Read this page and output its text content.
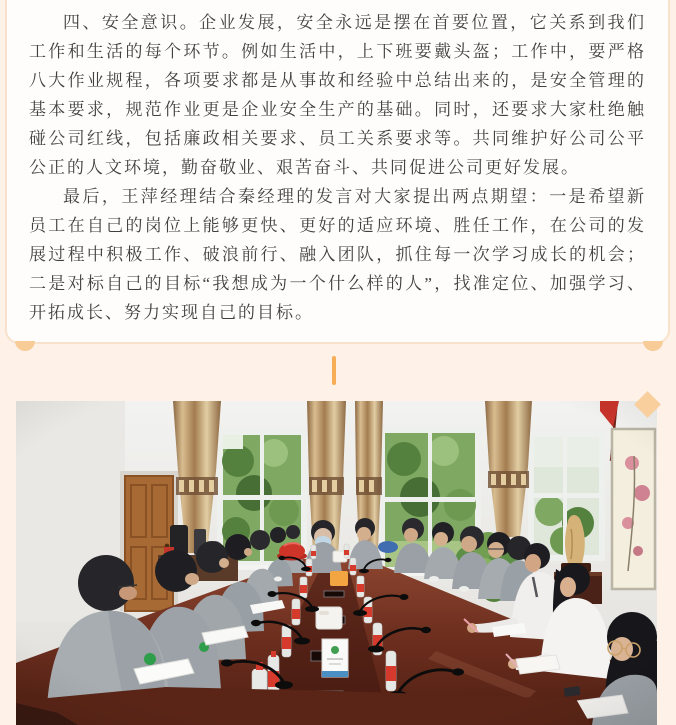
四、安全意识。企业发展，安全永远是摆在首要位置，它关系到我们工作和生活的每个环节。例如生活中，上下班要戴头盔；工作中，要严格八大作业规程，各项要求都是从事故和经验中总结出来的，是安全管理的基本要求，规范作业更是企业安全生产的基础。同时，还要求大家杜绝触碰公司红线，包括廉政相关要求、员工关系要求等。共同维护好公司公平公正的人文环境，勤奋敬业、艰苦奋斗、共同促进公司更好发展。

最后，王萍经理结合秦经理的发言对大家提出两点期望：一是希望新员工在自己的岗位上能够更快、更好的适应环境、胜任工作，在公司的发展过程中积极工作、破浪前行、融入团队，抓住每一次学习成长的机会；二是对标自己的目标“我想成为一个什么样的人”，找准定位、加强学习、开拓成长、努力实现自己的目标。
